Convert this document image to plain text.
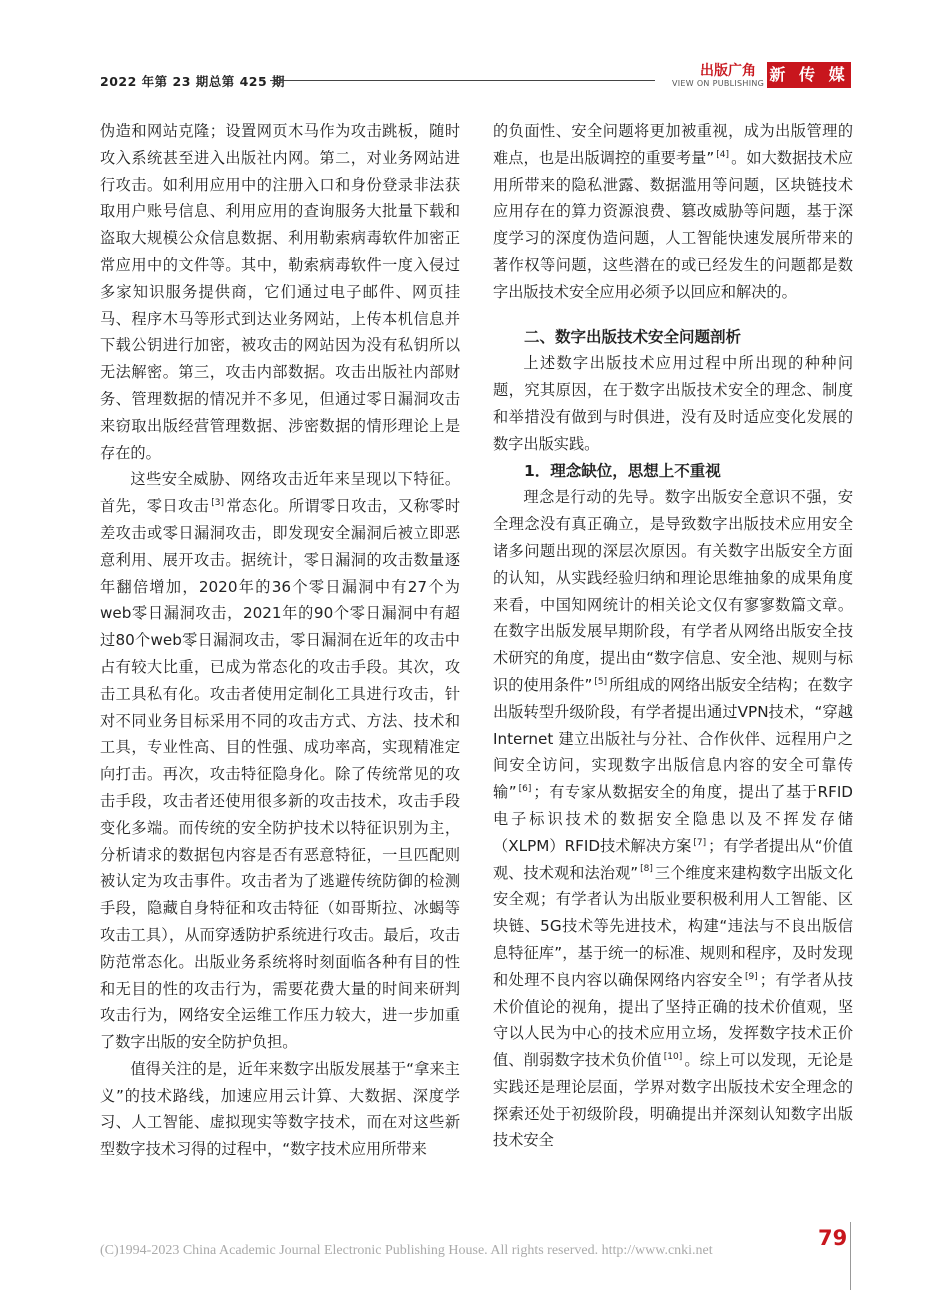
2022 年第 23 期总第 425 期
出版广角
VIEW ON PUBLISHING 新 传 媒

伪造和网站克隆；设置网页木马作为攻击跳板，随时攻入系统甚至进入出版社内网。第二，对业务网站进行攻击。如利用应用中的注册入口和身份登录非法获取用户账号信息、利用应用的查询服务大批量下载和盗取大规模公众信息数据、利用勒索病毒软件加密正常应用中的文件等。其中，勒索病毒软件一度入侵过多家知识服务提供商，它们通过电子邮件、网页挂马、程序木马等形式到达业务网站，上传本机信息并下载公钥进行加密，被攻击的网站因为没有私钥所以无法解密。第三，攻击内部数据。攻击出版社内部财务、管理数据的情况并不多见，但通过零日漏洞攻击来窃取出版经营管理数据、涉密数据的情形理论上是存在的。

这些安全威胁、网络攻击近年来呈现以下特征。首先，零日攻击 [3] 常态化。所谓零日攻击，又称零时差攻击或零日漏洞攻击，即发现安全漏洞后被立即恶意利用、展开攻击。据统计，零日漏洞的攻击数量逐年翻倍增加，2020年的36个零日漏洞中有27个为web零日漏洞攻击，2021年的90个零日漏洞中有超过80个web零日漏洞攻击，零日漏洞在近年的攻击中占有较大比重，已成为常态化的攻击手段。其次，攻击工具私有化。攻击者使用定制化工具进行攻击，针对不同业务目标采用不同的攻击方式、方法、技术和工具，专业性高、目的性强、成功率高，实现精准定向打击。再次，攻击特征隐身化。除了传统常见的攻击手段，攻击者还使用很多新的攻击技术，攻击手段变化多端。而传统的安全防护技术以特征识别为主，分析请求的数据包内容是否有恶意特征，一旦匹配则被认定为攻击事件。攻击者为了逃避传统防御的检测手段，隐藏自身特征和攻击特征（如哥斯拉、冰蝎等攻击工具），从而穿透防护系统进行攻击。最后，攻击防范常态化。出版业务系统将时刻面临各种有目的性和无目的性的攻击行为，需要花费大量的时间来研判攻击行为，网络安全运维工作压力较大，进一步加重了数字出版的安全防护负担。

值得关注的是，近年来数字出版发展基于“拿来主义”的技术路线，加速应用云计算、大数据、深度学习、人工智能、虚拟现实等数字技术，而在对这些新型数字技术习得的过程中，“数字技术应用所带来

的负面性、安全问题将更加被重视，成为出版管理的难点，也是出版调控的重要考量” [4] 。如大数据技术应用所带来的隐私泄露、数据滥用等问题，区块链技术应用存在的算力资源浪费、篡改威胁等问题，基于深度学习的深度伪造问题，人工智能快速发展所带来的著作权等问题，这些潜在的或已经发生的问题都是数字出版技术安全应用必须予以回应和解决的。

二、数字出版技术安全问题剖析

上述数字出版技术应用过程中所出现的种种问题，究其原因，在于数字出版技术安全的理念、制度和举措没有做到与时俱进，没有及时适应变化发展的数字出版实践。

1．理念缺位，思想上不重视

理念是行动的先导。数字出版安全意识不强，安全理念没有真正确立，是导致数字出版技术应用安全诸多问题出现的深层次原因。有关数字出版安全方面的认知，从实践经验归纳和理论思维抽象的成果角度来看，中国知网统计的相关论文仅有寥寥数篇文章。在数字出版发展早期阶段，有学者从网络出版安全技术研究的角度，提出由“数字信息、安全池、规则与标识的使用条件” [5] 所组成的网络出版安全结构；在数字出版转型升级阶段，有学者提出通过VPN技术，“穿越Internet 建立出版社与分社、合作伙伴、远程用户之间安全访问，实现数字出版信息内容的安全可靠传输” [6] ；有专家从数据安全的角度，提出了基于RFID电子标识技术的数据安全隐患以及不挥发存储（XLPM）RFID技术解决方案 [7] ；有学者提出从“价值观、技术观和法治观” [8] 三个维度来建构数字出版文化安全观；有学者认为出版业要积极利用人工智能、区块链、5G技术等先进技术，构建“违法与不良出版信息特征库”，基于统一的标准、规则和程序，及时发现和处理不良内容以确保网络内容安全 [9] ；有学者从技术价值论的视角，提出了坚持正确的技术价值观，坚守以人民为中心的技术应用立场，发挥数字技术正价值、削弱数字技术负价值 [10] 。综上可以发现，无论是实践还是理论层面，学界对数字出版技术安全理念的探索还处于初级阶段，明确提出并深刻认知数字出版技术安全

(C)1994-2023 China Academic Journal Electronic Publishing House. All rights reserved. http://www.cnki.net
79
